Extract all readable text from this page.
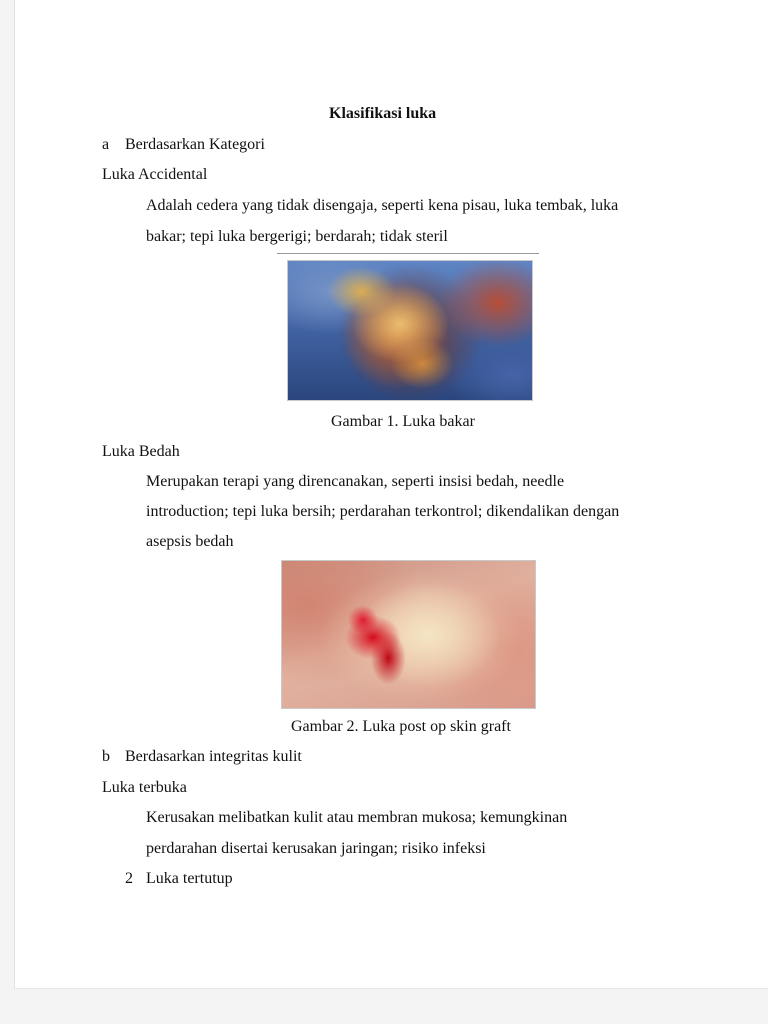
Klasifikasi luka
a Berdasarkan Kategori
Luka Accidental
Adalah cedera yang tidak disengaja, seperti kena pisau, luka tembak, luka
bakar; tepi luka bergerigi; berdarah; tidak steril
Gambar 1. Luka bakar
Luka Bedah
Merupakan terapi yang direncanakan, seperti insisi bedah, needle
introduction; tepi luka bersih; perdarahan terkontrol; dikendalikan dengan
asepsis bedah
Gambar 2. Luka post op skin graft
b Berdasarkan integritas kulit
Luka terbuka
Kerusakan melibatkan kulit atau membran mukosa; kemungkinan
perdarahan disertai kerusakan jaringan; risiko infeksi
2 Luka tertutup
